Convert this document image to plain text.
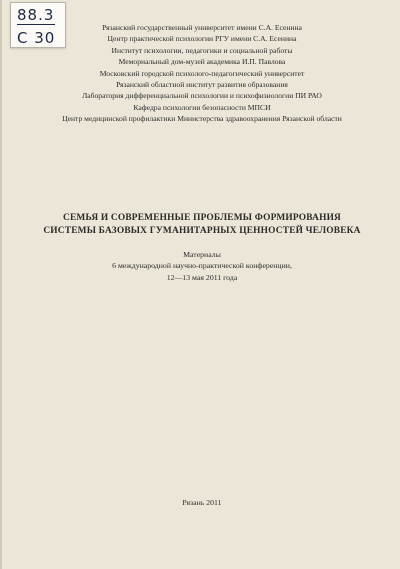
88.3
С 30
Рязанский государственный университет имени С.А. Есенина
Центр практической психологии РГУ имени С.А. Есенина
Институт психологии, педагогики и социальной работы
Мемориальный дом-музей академика И.П. Павлова
Московский городской психолого-педагогический университет
Рязанский областной институт развития образования
Лаборатория дифференциальной психологии и психофизиологии ПИ РАО
Кафедра психологии безопасности МПСИ
Центр медицинской профилактики Министерства здравоохранения Рязанской области
СЕМЬЯ И СОВРЕМЕННЫЕ ПРОБЛЕМЫ ФОРМИРОВАНИЯ
СИСТЕМЫ БАЗОВЫХ ГУМАНИТАРНЫХ ЦЕННОСТЕЙ ЧЕЛОВЕКА
Материалы
6 международной научно-практической конференции,
12—13 мая 2011 года
Рязань 2011
